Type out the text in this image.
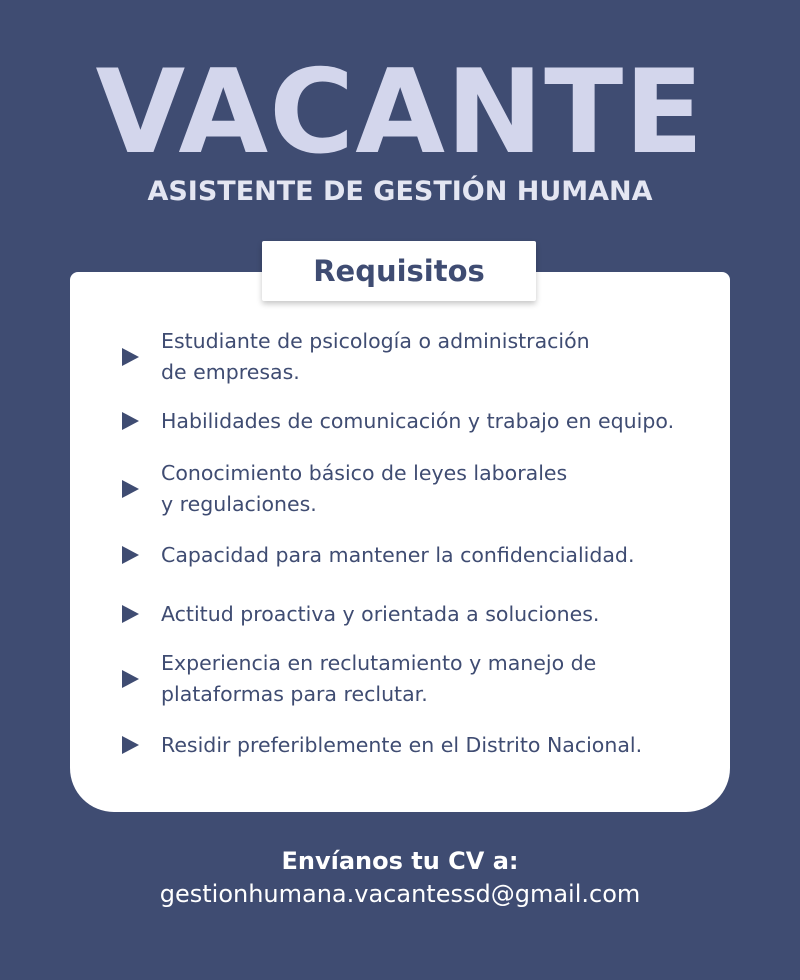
VACANTE
ASISTENTE DE GESTIÓN HUMANA
Requisitos
Estudiante de psicología o administración
de empresas.
Habilidades de comunicación y trabajo en equipo.
Conocimiento básico de leyes laborales
y regulaciones.
Capacidad para mantener la confidencialidad.
Actitud proactiva y orientada a soluciones.
Experiencia en reclutamiento y manejo de
plataformas para reclutar.
Residir preferiblemente en el Distrito Nacional.
Envíanos tu CV a:
gestionhumana.vacantessd@gmail.com
